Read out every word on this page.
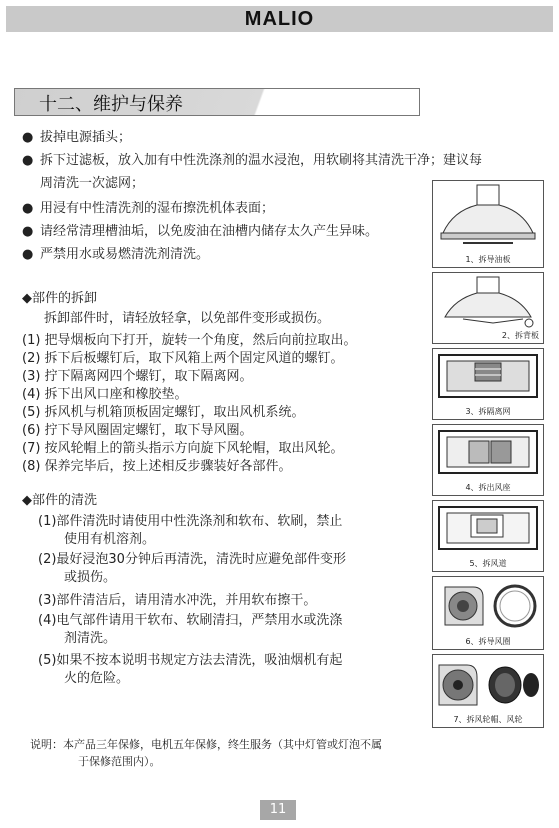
MALIO
十二、维护与保养
● 拔掉电源插头；
● 拆下过滤板，放入加有中性洗涤剂的温水浸泡，用软刷将其清洗干净；建议每
周清洗一次滤网；
● 用浸有中性清洗剂的湿布擦洗机体表面；
● 请经常清理槽油垢，以免废油在油槽内储存太久产生异味。
● 严禁用水或易燃清洗剂清洗。
◆部件的拆卸
拆卸部件时，请轻放轻拿，以免部件变形或损伤。
(1) 把导烟板向下打开，旋转一个角度，然后向前拉取出。
(2) 拆下后板螺钉后，取下风箱上两个固定风道的螺钉。
(3) 拧下隔离网四个螺钉，取下隔离网。
(4) 拆下出风口座和橡胶垫。
(5) 拆风机与机箱顶板固定螺钉，取出风机系统。
(6) 拧下导风圈固定螺钉，取下导风圈。
(7) 按风轮帽上的箭头指示方向旋下风轮帽，取出风轮。
(8) 保养完毕后，按上述相反步骤装好各部件。
◆部件的清洗
(1)部件清洗时请使用中性洗涤剂和软布、软刷，禁止
使用有机溶剂。
(2)最好浸泡30分钟后再清洗，清洗时应避免部件变形
或损伤。
(3)部件清洁后，请用清水冲洗，并用软布擦干。
(4)电气部件请用干软布、软刷清扫，严禁用水或洗涤
剂清洗。
(5)如果不按本说明书规定方法去清洗，吸油烟机有起
火的危险。
1、拆导油板
2、拆背板
3、拆隔离网
4、拆出风座
5、拆风道
6、拆导风圈
7、拆风轮帽、风轮
说明：本产品三年保修，电机五年保修，终生服务（其中灯管或灯泡不属
于保修范围内）。
11
